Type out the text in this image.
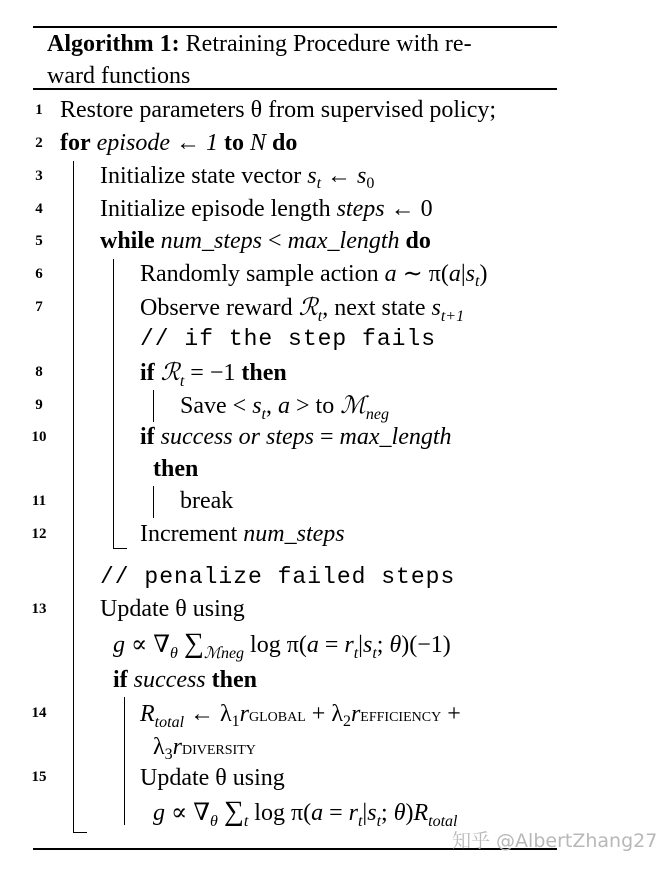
Algorithm 1: Retraining Procedure with re-
ward functions
1
2
3
4
5
6
7
8
9
10
11
12
13
14
15
Restore parameters θ from supervised policy;
for episode ← 1 to N do
Initialize state vector $s_t$ ← $s_0$
Initialize episode length steps ← 0
while num_steps < max_length do
Randomly sample action a ∼ $\pi(a|s_t)$
Observe reward ℛ$_t$, next state $s_{t+1}$
// if the step fails
if ℛ$_t$ = −1 then
Save < $s_t$, a > to ℳ$_{neg}$
if success or steps = max_length
then
break
Increment num_steps
// penalize failed steps
Update θ using
$g \propto \nabla_\theta$ $\sum_{ℳneg}$ $\log \pi(a = r_t|s_t$; θ)(−1)
if success then
$R_{total}$ ← $\lambda_1rglobal$ + $\lambda_2refficiency$ +
$\lambda_3rdiversity$
Update θ using
$g \propto \nabla_\theta$ $\sum_t$ $\log \pi(a = r_t|s_t$; $\theta)R_{total}$
知乎 @AlbertZhang27
